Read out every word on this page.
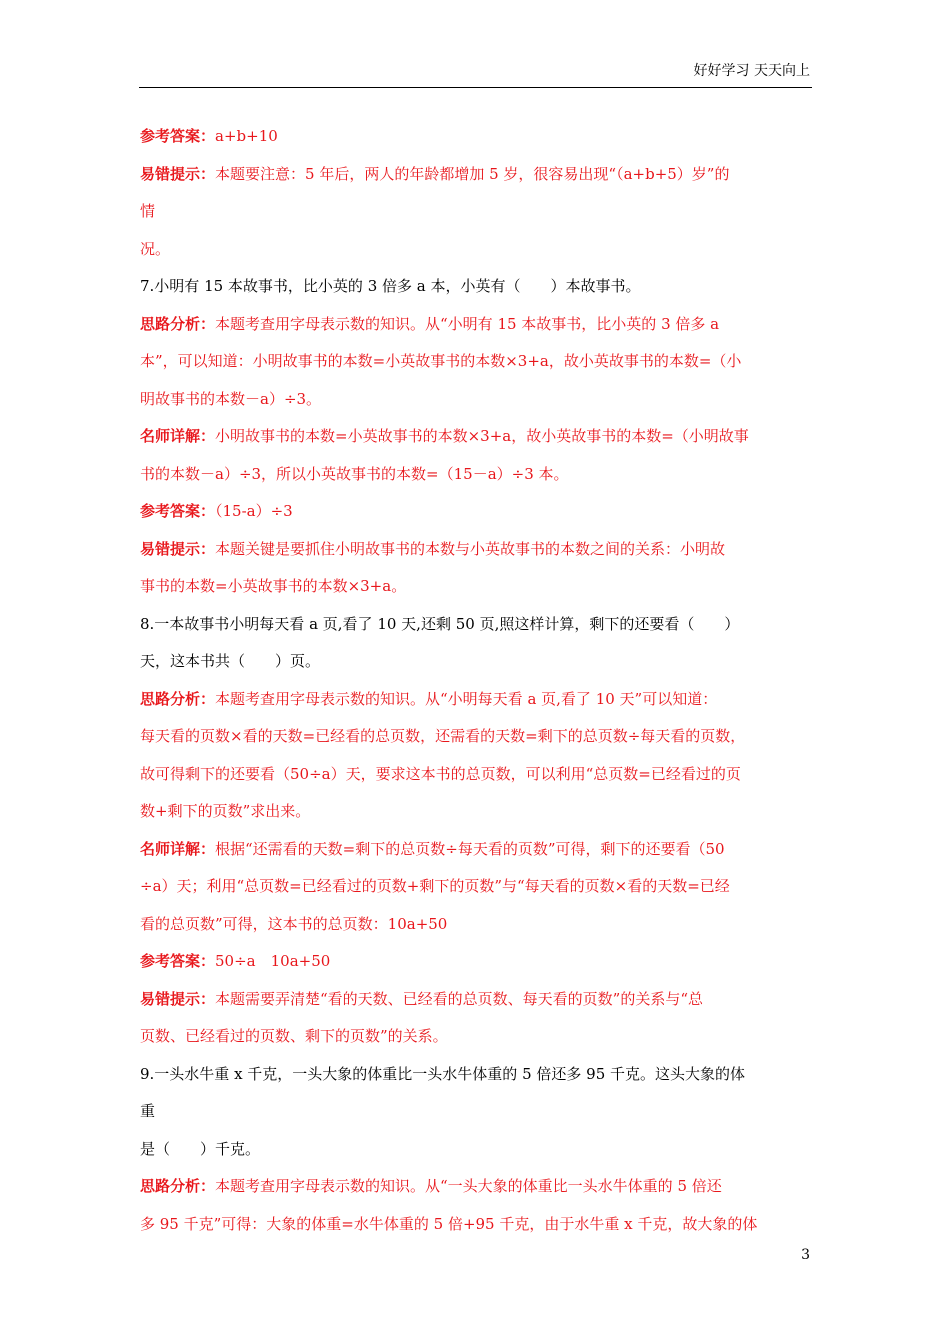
好好学习 天天向上
参考答案：a+b+10
易错提示：本题要注意：5 年后，两人的年龄都增加 5 岁，很容易出现“（a+b+5）岁”的
情
况。
7.小明有 15 本故事书，比小英的 3 倍多 a 本，小英有（　　）本故事书。
思路分析：本题考查用字母表示数的知识。从“小明有 15 本故事书，比小英的 3 倍多 a
本”，可以知道：小明故事书的本数=小英故事书的本数×3+a，故小英故事书的本数=（小
明故事书的本数－a）÷3。
名师详解：小明故事书的本数=小英故事书的本数×3+a，故小英故事书的本数=（小明故事
书的本数－a）÷3，所以小英故事书的本数=（15－a）÷3 本。
参考答案：（15-a）÷3
易错提示：本题关键是要抓住小明故事书的本数与小英故事书的本数之间的关系：小明故
事书的本数=小英故事书的本数×3+a。
8.一本故事书小明每天看 a 页,看了 10 天,还剩 50 页,照这样计算，剩下的还要看（　　）
天，这本书共（　　）页。
思路分析：本题考查用字母表示数的知识。从“小明每天看 a 页,看了 10 天”可以知道：
每天看的页数×看的天数=已经看的总页数，还需看的天数=剩下的总页数÷每天看的页数，
故可得剩下的还要看（50÷a）天，要求这本书的总页数，可以利用“总页数=已经看过的页
数+剩下的页数”求出来。
名师详解：根据“还需看的天数=剩下的总页数÷每天看的页数”可得，剩下的还要看（50
÷a）天；利用“总页数=已经看过的页数+剩下的页数”与“每天看的页数×看的天数=已经
看的总页数”可得，这本书的总页数：10a+50
参考答案：50÷a　10a+50
易错提示：本题需要弄清楚“看的天数、已经看的总页数、每天看的页数”的关系与“总
页数、已经看过的页数、剩下的页数”的关系。
9.一头水牛重 x 千克，一头大象的体重比一头水牛体重的 5 倍还多 95 千克。这头大象的体
重
是（　　）千克。
思路分析：本题考查用字母表示数的知识。从“一头大象的体重比一头水牛体重的 5 倍还
多 95 千克”可得：大象的体重=水牛体重的 5 倍+95 千克，由于水牛重 x 千克，故大象的体
3
